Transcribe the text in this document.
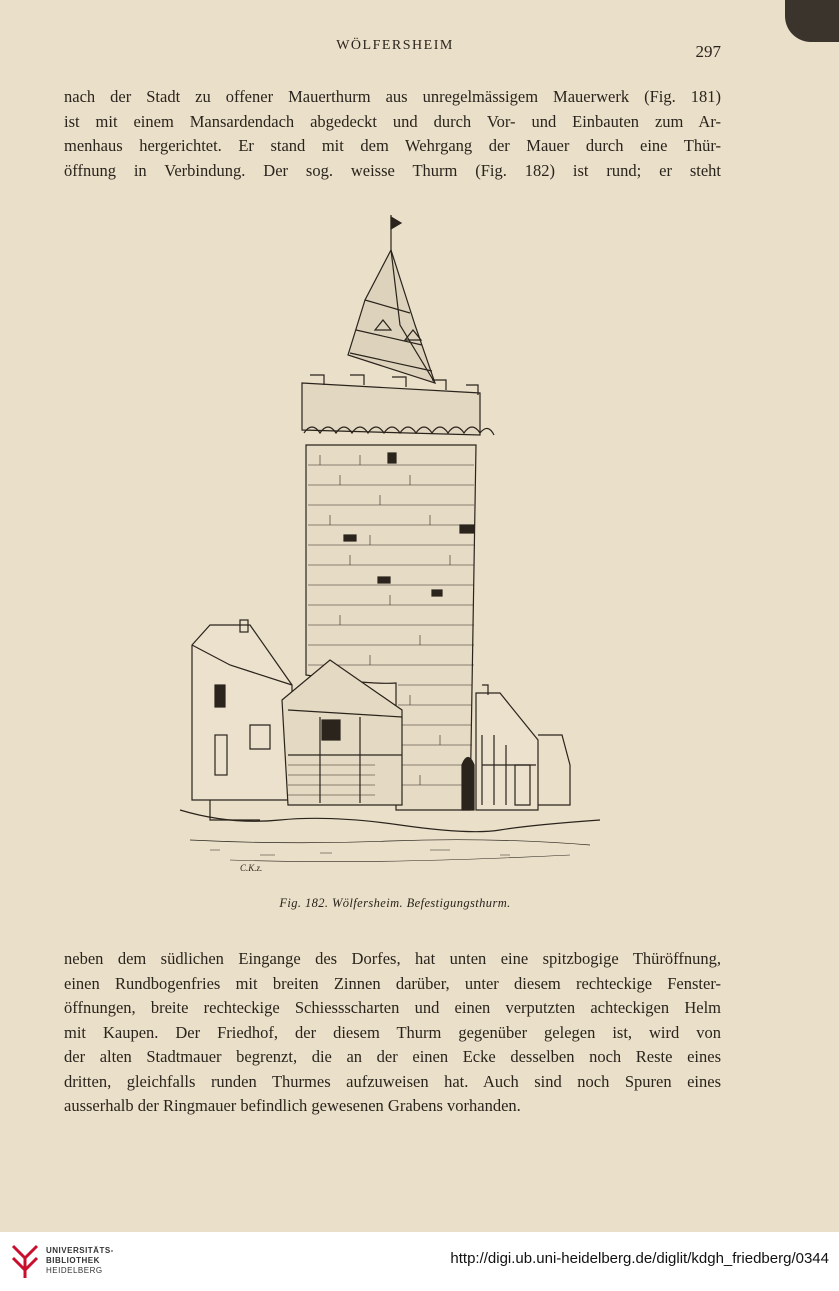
WÖLFERSHEIM	297
nach der Stadt zu offener Mauerthurm aus unregelmässigem Mauerwerk (Fig. 181)
ist mit einem Mansardendach abgedeckt und durch Vor- und Einbauten zum Ar-
menhaus hergerichtet. Er stand mit dem Wehrgang der Mauer durch eine Thür-
öffnung in Verbindung. Der sog. weisse Thurm (Fig. 182) ist rund; er steht
C.K.z.
Fig. 182. Wölfersheim. Befestigungsthurm.
neben dem südlichen Eingange des Dorfes, hat unten eine spitzbogige Thüröffnung,
einen Rundbogenfries mit breiten Zinnen darüber, unter diesem rechteckige Fenster-
öffnungen, breite rechteckige Schiessscharten und einen verputzten achteckigen Helm
mit Kaupen. Der Friedhof, der diesem Thurm gegenüber gelegen ist, wird von
der alten Stadtmauer begrenzt, die an der einen Ecke desselben noch Reste eines
dritten, gleichfalls runden Thurmes aufzuweisen hat. Auch sind noch Spuren eines
ausserhalb der Ringmauer befindlich gewesenen Grabens vorhanden.
UNIVERSITÄTS-
BIBLIOTHEK
HEIDELBERG
http://digi.ub.uni-heidelberg.de/diglit/kdgh_friedberg/0344
